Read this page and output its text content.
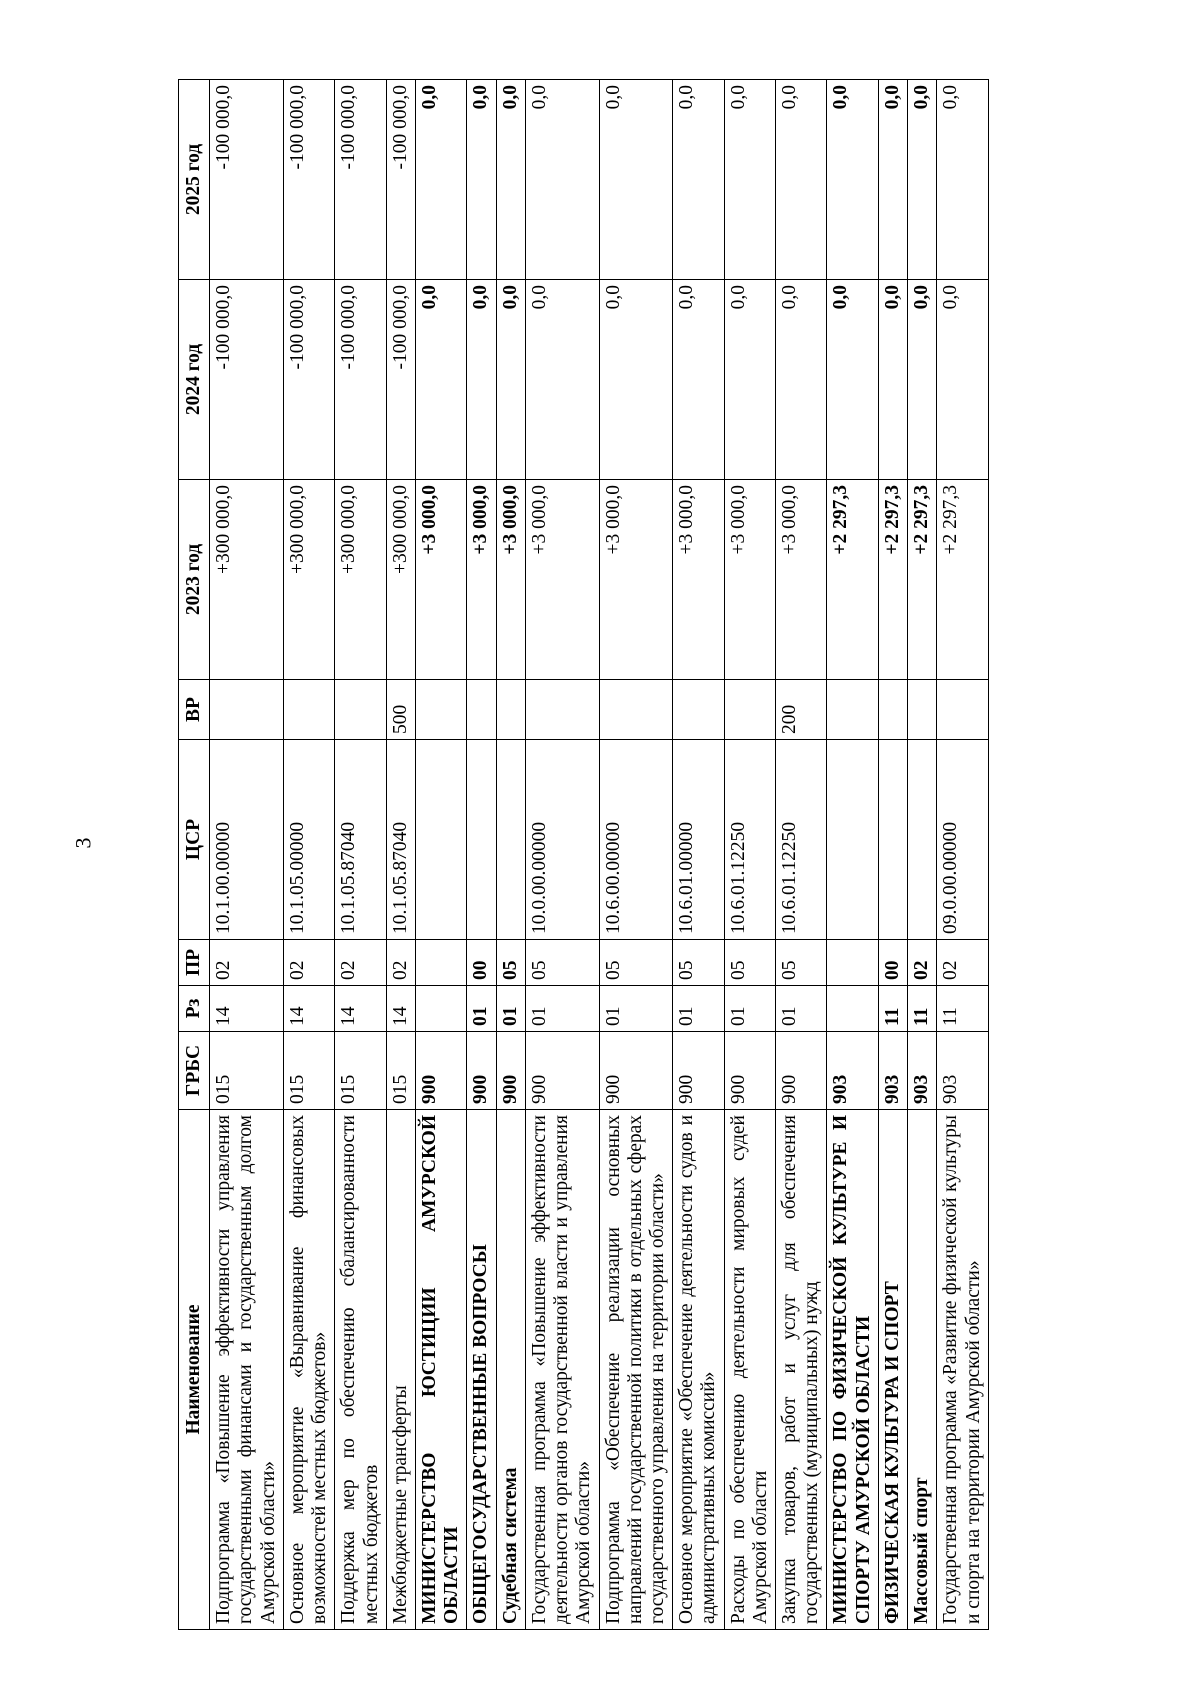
3
Наименование	ГРБС	Рз	ПР	ЦСР	ВР	2023 год	2024 год	2025 год
Подпрограмма «Повышение эффективности управления государственными финансами и государственным долгом Амурской области»	015	14	02	10.1.00.00000		+300 000,0	-100 000,0	-100 000,0
Основное мероприятие «Выравнивание финансовых возможностей местных бюджетов»	015	14	02	10.1.05.00000		+300 000,0	-100 000,0	-100 000,0
Поддержка мер по обеспечению сбалансированности местных бюджетов	015	14	02	10.1.05.87040		+300 000,0	-100 000,0	-100 000,0
Межбюджетные трансферты	015	14	02	10.1.05.87040	500	+300 000,0	-100 000,0	-100 000,0
МИНИСТЕРСТВО ЮСТИЦИИ АМУРСКОЙ ОБЛАСТИ	900					+3 000,0	0,0	0,0
ОБЩЕГОСУДАРСТВЕННЫЕ ВОПРОСЫ	900	01	00			+3 000,0	0,0	0,0
Судебная система	900	01	05			+3 000,0	0,0	0,0
Государственная программа «Повышение эффективности деятельности органов государственной власти и управления Амурской области»	900	01	05	10.0.00.00000		+3 000,0	0,0	0,0
Подпрограмма «Обеспечение реализации основных направлений государственной политики в отдельных сферах государственного управления на территории области»	900	01	05	10.6.00.00000		+3 000,0	0,0	0,0
Основное мероприятие «Обеспечение деятельности судов и административных комиссий»	900	01	05	10.6.01.00000		+3 000,0	0,0	0,0
Расходы по обеспечению деятельности мировых судей Амурской области	900	01	05	10.6.01.12250		+3 000,0	0,0	0,0
Закупка товаров, работ и услуг для обеспечения государственных (муниципальных) нужд	900	01	05	10.6.01.12250	200	+3 000,0	0,0	0,0
МИНИСТЕРСТВО ПО ФИЗИЧЕСКОЙ КУЛЬТУРЕ И СПОРТУ АМУРСКОЙ ОБЛАСТИ	903					+2 297,3	0,0	0,0
ФИЗИЧЕСКАЯ КУЛЬТУРА И СПОРТ	903	11	00			+2 297,3	0,0	0,0
Массовый спорт	903	11	02			+2 297,3	0,0	0,0
Государственная программа «Развитие физической культуры и спорта на территории Амурской области»	903	11	02	09.0.00.00000		+2 297,3	0,0	0,0
